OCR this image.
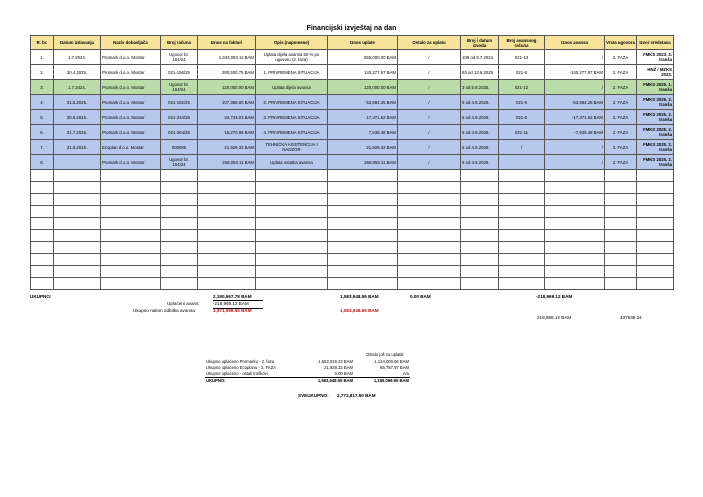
Financijski izvještaj na dan
R. br.	Datum izdavanja	Naziv dobavljača	Broj računa	Iznos na fakturi	Opis (napomene)	Iznos uplate	Ostalo za uplatu	Broj i datum izvoda	Broj avansnog računa	Iznos avansa	Vrsta ugovora	Izvor sredstava
1.	1.7.2024.	Promark d.o.o. Mostar	Ugovor br. 164/24	1,343,050.11 BAM	Uplata dijela avansa 50 % po ugovoru (2. faza)	655,000.00 BAM	/	109 od 8.7.2024.	021-13	/	2. FAZA	FMKS 2023. 3. tranša
2.	30.4.2025.	Promark d.o.o. Mostar	021-156/25	280,500.75 BAM	1. PRIVREMENA SITUACIJA	140,277.87 BAM	/	93 od 13.6.2025.	021-5	-140,277.87 BAM	2. FAZA	HNŽ / MZKS 2023.
3.	1.7.2024.	Promark d.o.o. Mostar	Ugovor br. 164/24	120,000.00 BAM	Uplata dijela avansa	120,000.00 BAM	/	3 od 5.8.2025.	021-12	/	2. FAZA	FMKS 2025. 1. tranša
4.	31.5.2025.	Promark d.o.o. Mostar	021-192/25	107,368.50 BAM	2. PRIVREMENA SITUACIJA	53,684.25 BAM	/	5 od 4.9.2025.	021-6	-53,684.25 BAM	2. FAZA	FMKS 2025. 2. tranša
5.	30.6.2025.	Promark d.o.o. Mostar	021-234/25	34,743.03 BAM	3. PRIVREMENA SITUACIJA	17,371.52 BAM	/	5 od 4.9.2025.	021-8	-17,371.52 BAM	2. FAZA	FMKS 2025. 2. tranša
6.	31.7.2025.	Promark d.o.o. Mostar	021-264/25	15,270.96 BAM	4. PRIVREMENA SITUACIJA	7,635.48 BAM	/	5 od 4.9.2025.	021-11	-7,635.48 BAM	2. FAZA	FMKS 2025. 2. tranša
7.	31.8.2025.	Ecoplan d.o.o. Mostar	000085	21,929.32 BAM	TEHNIČKA ASISTENCIJA I NADZOR	21,929.32 BAM	/	5 od 4.9.2025.	/	/	2. FAZA	FMKS 2025. 2. tranša
8.		Promark d.o.o. Mostar	Ugovor br. 164/24	268,050.11 BAM	Uplata ostatka avansa	268,050.11 BAM	/	5 od 4.9.2025.		/	2. FAZA	FMKS 2025. 2. tranša

UKUPNO:	2,190,967.78 BAM	1,583,948.55 BAM	0.00 BAM	-218,969.12 BAM
Uplaćeni avans:	-218,969.12 BAM
Ukupno nakon odbitka avansa:	1,971,998.66 BAM	1,583,948.55 BAM
218,969.12 BAM	437938.24
Ostalo još za uplatiti
Ukupno uplaćeno Promarku - 2. faza	1,562,019.23 BAM	1,124,000.66 BAM
Ukupno uplaćeno Ecoplanu - 2. FAZA	21,929.32 BAM	65,787.97 BAM
Ukupno uplaćeno - ostali troškovi	0.00 BAM	n/a
UKUPNO:	1,583,948.55 BAM	1,189,068.95 BAM
SVEUKUPNO: 2,773,817.50 BAM
